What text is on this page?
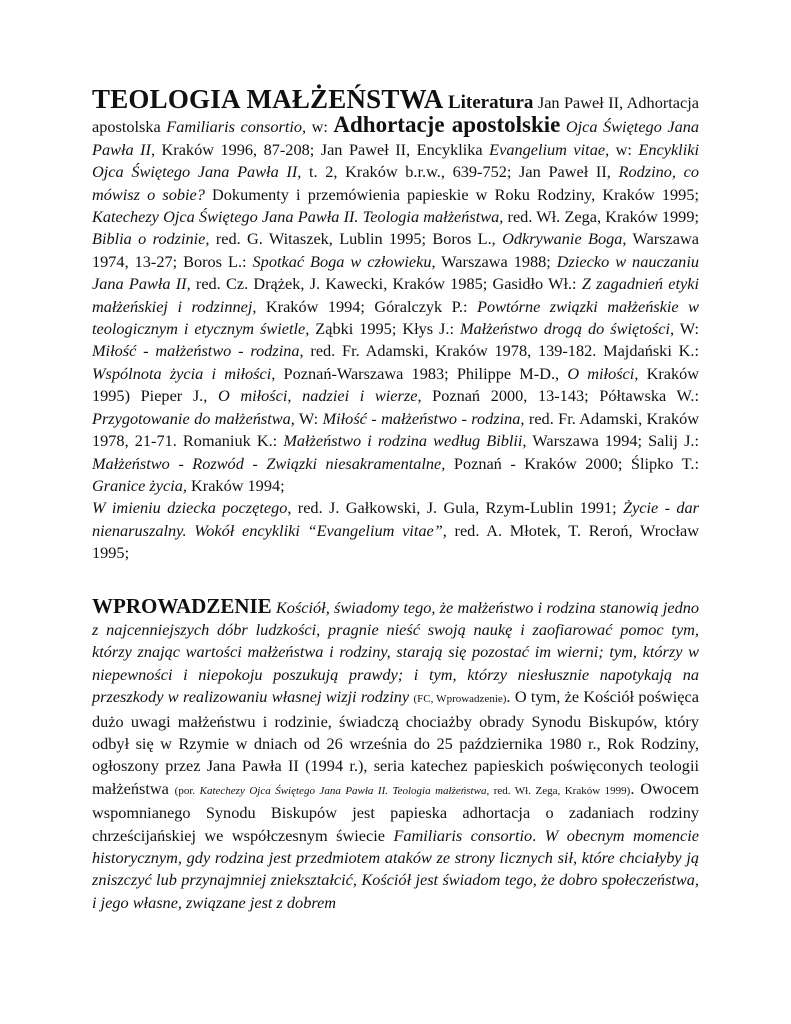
TEOLOGIA MAŁŻEŃSTWA Literatura Jan Paweł II, Adhortacja apostolska Familiaris consortio, w: Adhortacje apostolskie Ojca Świętego Jana Pawła II, Kraków 1996, 87-208; Jan Paweł II, Encyklika Evangelium vitae, w: Encykliki Ojca Świętego Jana Pawła II, t. 2, Kraków b.r.w., 639-752; Jan Paweł II, Rodzino, co mówisz o sobie? Dokumenty i przemówienia papieskie w Roku Rodziny, Kraków 1995; Katechezy Ojca Świętego Jana Pawła II. Teologia małżeństwa, red. Wł. Zega, Kraków 1999; Biblia o rodzinie, red. G. Witaszek, Lublin 1995; Boros L., Odkrywanie Boga, Warszawa 1974, 13-27; Boros L.: Spotkać Boga w człowieku, Warszawa 1988; Dziecko w nauczaniu Jana Pawła II, red. Cz. Drążek, J. Kawecki, Kraków 1985; Gasidło Wł.: Z zagadnień etyki małżeńskiej i rodzinnej, Kraków 1994; Góralczyk P.: Powtórne związki małżeńskie w teologicznym i etycznym świetle, Ząbki 1995; Kłys J.: Małżeństwo drogą do świętości, W: Miłość - małżeństwo - rodzina, red. Fr. Adamski, Kraków 1978, 139-182. Majdański K.: Wspólnota życia i miłości, Poznań-Warszawa 1983; Philippe M-D., O miłości, Kraków 1995) Pieper J., O miłości, nadziei i wierze, Poznań 2000, 13-143; Półtawska W.: Przygotowanie do małżeństwa, W: Miłość - małżeństwo - rodzina, red. Fr. Adamski, Kraków 1978, 21-71. Romaniuk K.: Małżeństwo i rodzina według Biblii, Warszawa 1994; Salij J.: Małżeństwo - Rozwód - Związki niesakramentalne, Poznań - Kraków 2000; Ślipko T.: Granice życia, Kraków 1994;

W imieniu dziecka poczętego, red. J. Gałkowski, J. Gula, Rzym-Lublin 1991; Życie - dar nienaruszalny. Wokół encykliki “Evangelium vitae”, red. A. Młotek, T. Reroń, Wrocław 1995;

WPROWADZENIE Kościół, świadomy tego, że małżeństwo i rodzina stanowią jedno z najcenniejszych dóbr ludzkości, pragnie nieść swoją naukę i zaofiarować pomoc tym, którzy znając wartości małżeństwa i rodziny, starają się pozostać im wierni; tym, którzy w niepewności i niepokoju poszukują prawdy; i tym, którzy niesłusznie napotykają na przeszkody w realizowaniu własnej wizji rodziny (FC, Wprowadzenie). O tym, że Kościół poświęca dużo uwagi małżeństwu i rodzinie, świadczą chociażby obrady Synodu Biskupów, który odbył się w Rzymie w dniach od 26 września do 25 października 1980 r., Rok Rodziny, ogłoszony przez Jana Pawła II (1994 r.), seria katechez papieskich poświęconych teologii małżeństwa (por. Katechezy Ojca Świętego Jana Pawła II. Teologia małżeństwa, red. Wł. Zega, Kraków 1999). Owocem wspomnianego Synodu Biskupów jest papieska adhortacja o zadaniach rodziny chrześcijańskiej we współczesnym świecie Familiaris consortio. W obecnym momencie historycznym, gdy rodzina jest przedmiotem ataków ze strony licznych sił, które chciałyby ją zniszczyć lub przynajmniej zniekształcić, Kościół jest świadom tego, że dobro społeczeństwa, i jego własne, związane jest z dobrem
